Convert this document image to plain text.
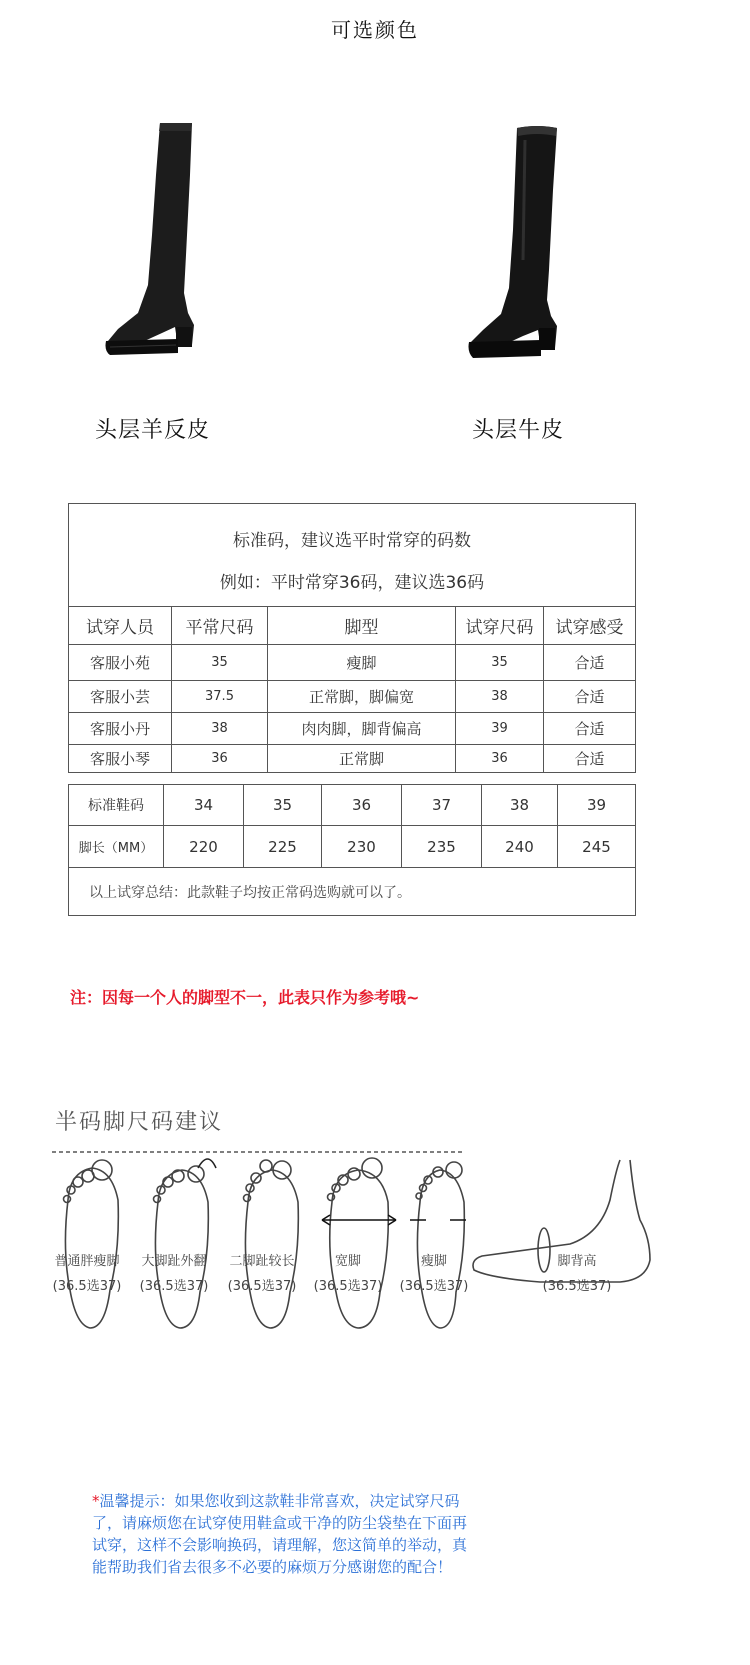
可选颜色
头层羊反皮	头层牛皮
标准码，建议选平时常穿的码数
例如：平时常穿36码，建议选36码
试穿人员	平常尺码	脚型	试穿尺码	试穿感受
客服小苑	35	瘦脚	35	合适
客服小芸	37.5	正常脚，脚偏宽	38	合适
客服小丹	38	肉肉脚，脚背偏高	39	合适
客服小琴	36	正常脚	36	合适
标准鞋码	34	35	36	37	38	39
脚长（MM）	220	225	230	235	240	245
以上试穿总结：此款鞋子均按正常码选购就可以了。
注：因每一个人的脚型不一，此表只作为参考哦~
半码脚尺码建议
普通胖瘦脚
(36.5选37)
大脚趾外翻
(36.5选37)
二脚趾较长
(36.5选37)
宽脚
(36.5选37)
瘦脚
(36.5选37)
脚背高
(36.5选37)
*温馨提示：如果您收到这款鞋非常喜欢，决定试穿尺码了，请麻烦您在试穿使用鞋盒或干净的防尘袋垫在下面再试穿，这样不会影响换码，请理解，您这简单的举动，真能帮助我们省去很多不必要的麻烦万分感谢您的配合！
